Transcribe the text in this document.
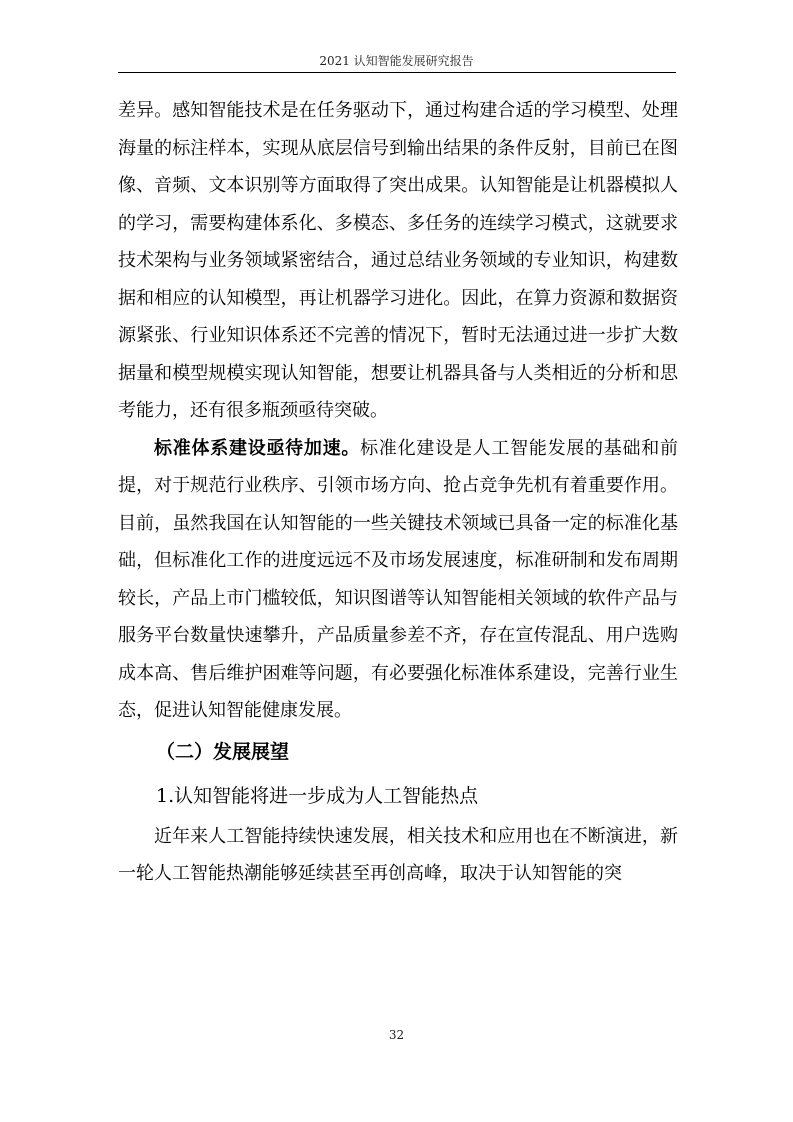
2021 认知智能发展研究报告

差异。感知智能技术是在任务驱动下，通过构建合适的学习模型、处理海量的标注样本，实现从底层信号到输出结果的条件反射，目前已在图像、音频、文本识别等方面取得了突出成果。认知智能是让机器模拟人的学习，需要构建体系化、多模态、多任务的连续学习模式，这就要求技术架构与业务领域紧密结合，通过总结业务领域的专业知识，构建数据和相应的认知模型，再让机器学习进化。因此，在算力资源和数据资源紧张、行业知识体系还不完善的情况下，暂时无法通过进一步扩大数据量和模型规模实现认知智能，想要让机器具备与人类相近的分析和思考能力，还有很多瓶颈亟待突破。

标准体系建设亟待加速。标准化建设是人工智能发展的基础和前提，对于规范行业秩序、引领市场方向、抢占竞争先机有着重要作用。目前，虽然我国在认知智能的一些关键技术领域已具备一定的标准化基础，但标准化工作的进度远远不及市场发展速度，标准研制和发布周期较长，产品上市门槛较低，知识图谱等认知智能相关领域的软件产品与服务平台数量快速攀升，产品质量参差不齐，存在宣传混乱、用户选购成本高、售后维护困难等问题，有必要强化标准体系建设，完善行业生态，促进认知智能健康发展。

（二）发展展望

1.认知智能将进一步成为人工智能热点

近年来人工智能持续快速发展，相关技术和应用也在不断演进，新一轮人工智能热潮能够延续甚至再创高峰，取决于认知智能的突

32
